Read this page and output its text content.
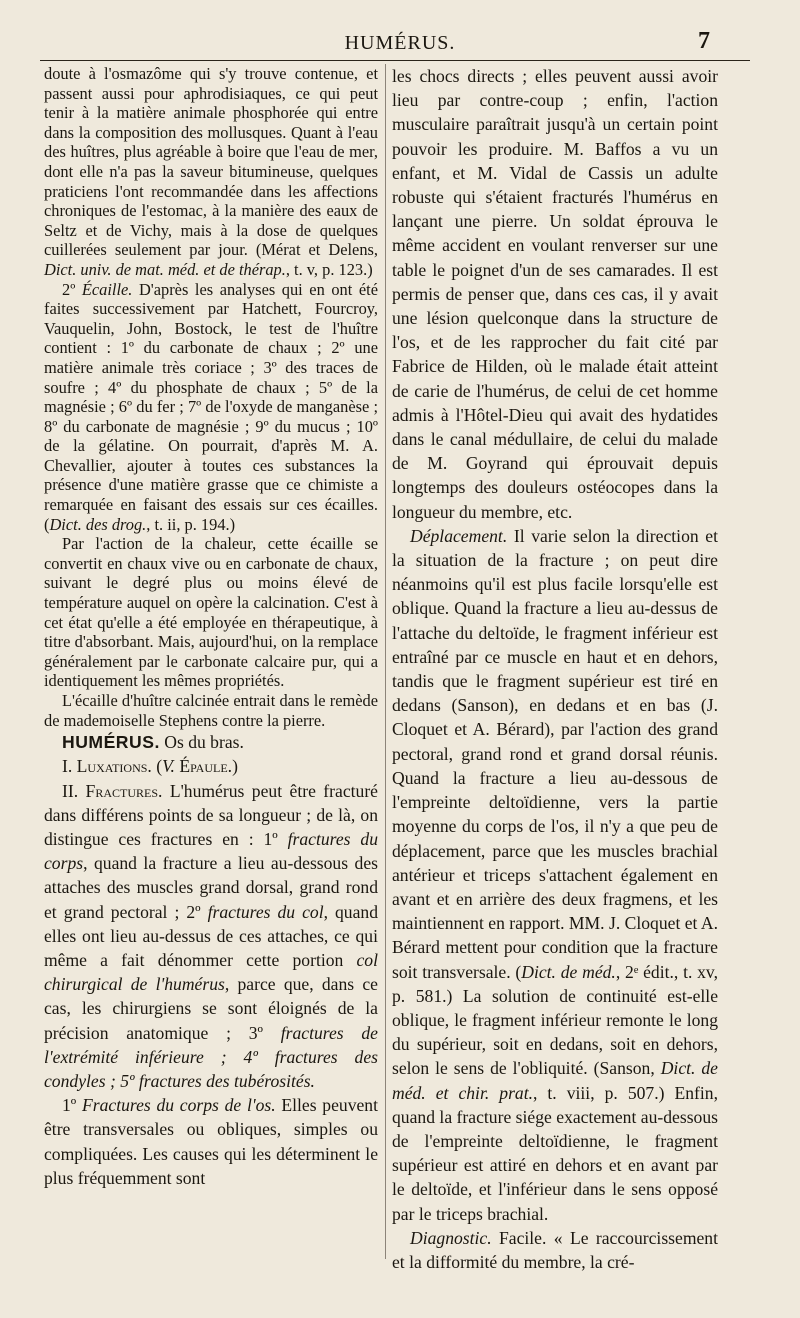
HUMÉRUS.	7

doute à l'osmazôme qui s'y trouve contenue, et passent aussi pour aphrodisiaques, ce qui peut tenir à la matière animale phosphorée qui entre dans la composition des mollusques. Quant à l'eau des huîtres, plus agréable à boire que l'eau de mer, dont elle n'a pas la saveur bitumineuse, quelques praticiens l'ont recommandée dans les affections chroniques de l'estomac, à la manière des eaux de Seltz et de Vichy, mais à la dose de quelques cuillerées seulement par jour. (Mérat et Delens, Dict. univ. de mat. méd. et de thérap., t. v, p. 123.)

2º Écaille. D'après les analyses qui en ont été faites successivement par Hatchett, Fourcroy, Vauquelin, John, Bostock, le test de l'huître contient : 1º du carbonate de chaux ; 2º une matière animale très coriace ; 3º des traces de soufre ; 4º du phosphate de chaux ; 5º de la magnésie ; 6º du fer ; 7º de l'oxyde de manganèse ; 8º du carbonate de magnésie ; 9º du mucus ; 10º de la gélatine. On pourrait, d'après M. A. Chevallier, ajouter à toutes ces substances la présence d'une matière grasse que ce chimiste a remarquée en faisant des essais sur ces écailles. (Dict. des drog., t. ii, p. 194.)

Par l'action de la chaleur, cette écaille se convertit en chaux vive ou en carbonate de chaux, suivant le degré plus ou moins élevé de température auquel on opère la calcination. C'est à cet état qu'elle a été employée en thérapeutique, à titre d'absorbant. Mais, aujourd'hui, on la remplace généralement par le carbonate calcaire pur, qui a identiquement les mêmes propriétés.

L'écaille d'huître calcinée entrait dans le remède de mademoiselle Stephens contre la pierre.

HUMÉRUS. Os du bras.

I. Luxations. (V. Épaule.)

II. Fractures. L'humérus peut être fracturé dans différens points de sa longueur ; de là, on distingue ces fractures en : 1º fractures du corps, quand la fracture a lieu au-dessous des attaches des muscles grand dorsal, grand rond et grand pectoral ; 2º fractures du col, quand elles ont lieu au-dessus de ces attaches, ce qui même a fait dénommer cette portion col chirurgical de l'humérus, parce que, dans ce cas, les chirurgiens se sont éloignés de la précision anatomique ; 3º fractures de l'extrémité inférieure ; 4º fractures des condyles ; 5º fractures des tubérosités.

1º Fractures du corps de l'os. Elles peuvent être transversales ou obliques, simples ou compliquées. Les causes qui les déterminent le plus fréquemment sont

les chocs directs ; elles peuvent aussi avoir lieu par contre-coup ; enfin, l'action musculaire paraîtrait jusqu'à un certain point pouvoir les produire. M. Baffos a vu un enfant, et M. Vidal de Cassis un adulte robuste qui s'étaient fracturés l'humérus en lançant une pierre. Un soldat éprouva le même accident en voulant renverser sur une table le poignet d'un de ses camarades. Il est permis de penser que, dans ces cas, il y avait une lésion quelconque dans la structure de l'os, et de les rapprocher du fait cité par Fabrice de Hilden, où le malade était atteint de carie de l'humérus, de celui de cet homme admis à l'Hôtel-Dieu qui avait des hydatides dans le canal médullaire, de celui du malade de M. Goyrand qui éprouvait depuis longtemps des douleurs ostéocopes dans la longueur du membre, etc.

Déplacement. Il varie selon la direction et la situation de la fracture ; on peut dire néanmoins qu'il est plus facile lorsqu'elle est oblique. Quand la fracture a lieu au-dessus de l'attache du deltoïde, le fragment inférieur est entraîné par ce muscle en haut et en dehors, tandis que le fragment supérieur est tiré en dedans (Sanson), en dedans et en bas (J. Cloquet et A. Bérard), par l'action des grand pectoral, grand rond et grand dorsal réunis. Quand la fracture a lieu au-dessous de l'empreinte deltoïdienne, vers la partie moyenne du corps de l'os, il n'y a que peu de déplacement, parce que les muscles brachial antérieur et triceps s'attachent également en avant et en arrière des deux fragmens, et les maintiennent en rapport. MM. J. Cloquet et A. Bérard mettent pour condition que la fracture soit transversale. (Dict. de méd., 2ᵉ édit., t. xv, p. 581.) La solution de continuité est-elle oblique, le fragment inférieur remonte le long du supérieur, soit en dedans, soit en dehors, selon le sens de l'obliquité. (Sanson, Dict. de méd. et chir. prat., t. viii, p. 507.) Enfin, quand la fracture siége exactement au-dessous de l'empreinte deltoïdienne, le fragment supérieur est attiré en dehors et en avant par le deltoïde, et l'inférieur dans le sens opposé par le triceps brachial.

Diagnostic. Facile. « Le raccourcissement et la difformité du membre, la cré-
